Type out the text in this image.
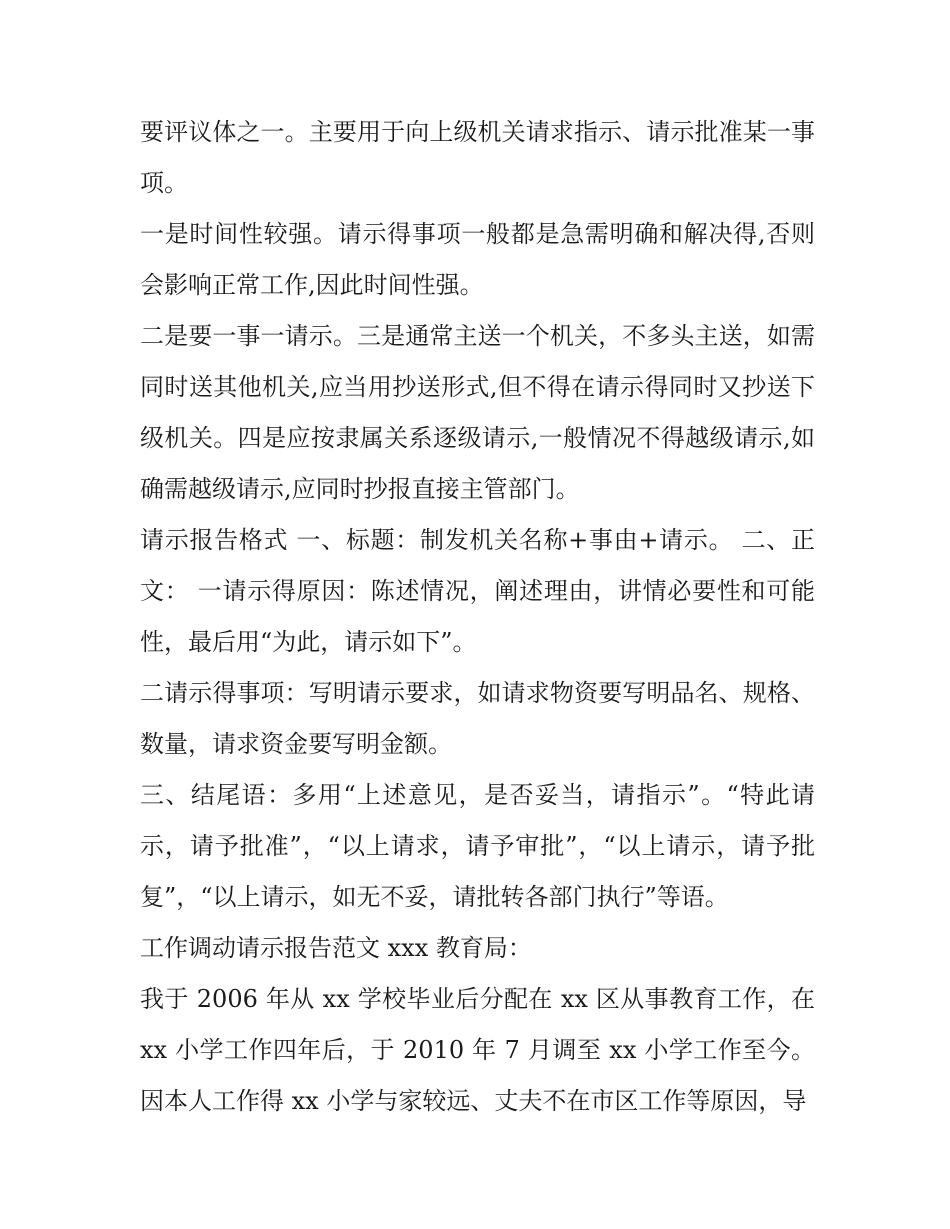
要评议体之一。主要用于向上级机关请求指示、请示批准某一事项。

一是时间性较强。请示得事项一般都是急需明确和解决得,否则会影响正常工作,因此时间性强。

二是要一事一请示。三是通常主送一个机关，不多头主送，如需同时送其他机关,应当用抄送形式,但不得在请示得同时又抄送下级机关。四是应按隶属关系逐级请示,一般情况不得越级请示,如确需越级请示,应同时抄报直接主管部门。

请示报告格式 一、标题：制发机关名称+事由+请示。 二、正文： 一请示得原因：陈述情况，阐述理由，讲情必要性和可能性，最后用“为此，请示如下”。

二请示得事项：写明请示要求，如请求物资要写明品名、规格、数量，请求资金要写明金额。

三、结尾语：多用“上述意见，是否妥当，请指示”。“特此请示，请予批准”，“以上请求，请予审批”，“以上请示，请予批复”，“以上请示，如无不妥，请批转各部门执行”等语。

工作调动请示报告范文 xxx 教育局：

我于 2006 年从 xx 学校毕业后分配在 xx 区从事教育工作，在 xx 小学工作四年后，于 2010 年 7 月调至 xx 小学工作至今。因本人工作得 xx 小学与家较远、丈夫不在市区工作等原因，导
